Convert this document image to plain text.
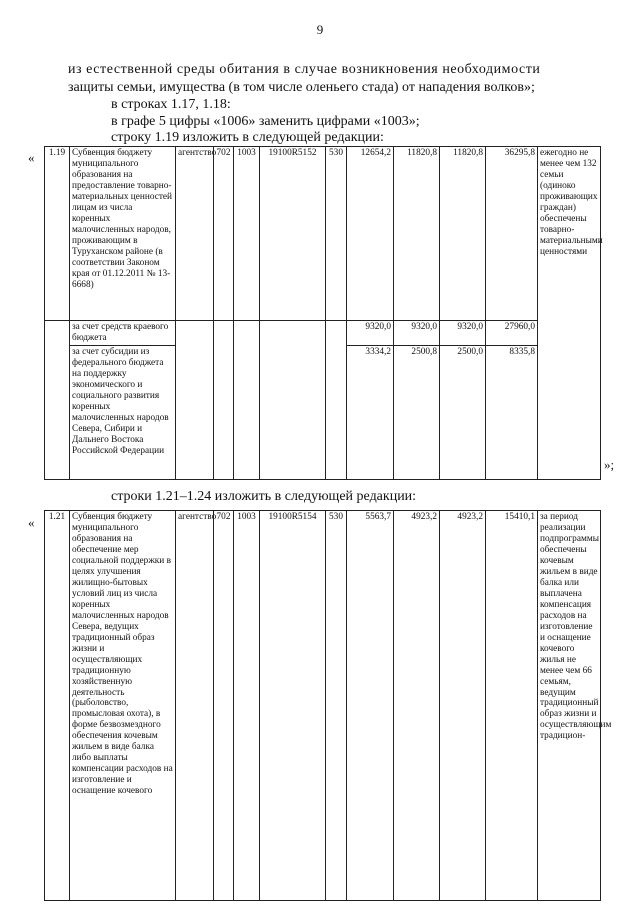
9
из естественной среды обитания в случае возникновения необходимости
защиты семьи, имущества (в том числе оленьего стада) от нападения волков»;
в строках 1.17, 1.18:
в графе 5 цифры «1006» заменить цифрами «1003»;
строку 1.19 изложить в следующей редакции:
« 1.19	Субвенция бюджету муниципального образования на предоставление товарно-материальных ценностей лицам из числа коренных малочисленных народов, проживающим в Туруханском районе (в соответствии Законом края от 01.12.2011 № 13-6668)	агентство	702	1003	19100R5152	530	12654,2	11820,8	11820,8	36295,8	ежегодно не менее чем 132 семьи (одиноко проживающих граждан) обеспечены товарно-материальными ценностями
	за счет средств краевого бюджета						9320,0	9320,0	9320,0	27960,0	
	за счет субсидии из федерального бюджета на поддержку экономического и социального развития коренных малочисленных народов Севера, Сибири и Дальнего Востока Российской Федерации						3334,2	2500,8	2500,0	8335,8	
»;
строки 1.21–1.24 изложить в следующей редакции:
« 1.21	Субвенция бюджету муниципального образования на обеспечение мер социальной поддержки в целях улучшения жилищно-бытовых условий лиц из числа коренных малочисленных народов Севера, ведущих традиционный образ жизни и осуществляющих традиционную хозяйственную деятельность (рыболовство, промысловая охота), в форме безвозмездного обеспечения кочевым жильем в виде балка либо выплаты компенсации расходов на изготовление и оснащение кочевого	агентство	702	1003	19100R5154	530	5563,7	4923,2	4923,2	15410,1	за период реализации подпрограммы обеспечены кочевым жильем в виде балка или выплачена компенсация расходов на изготовление и оснащение кочевого жилья не менее чем 66 семьям, ведущим традиционный образ жизни и осуществляющим традицион-
